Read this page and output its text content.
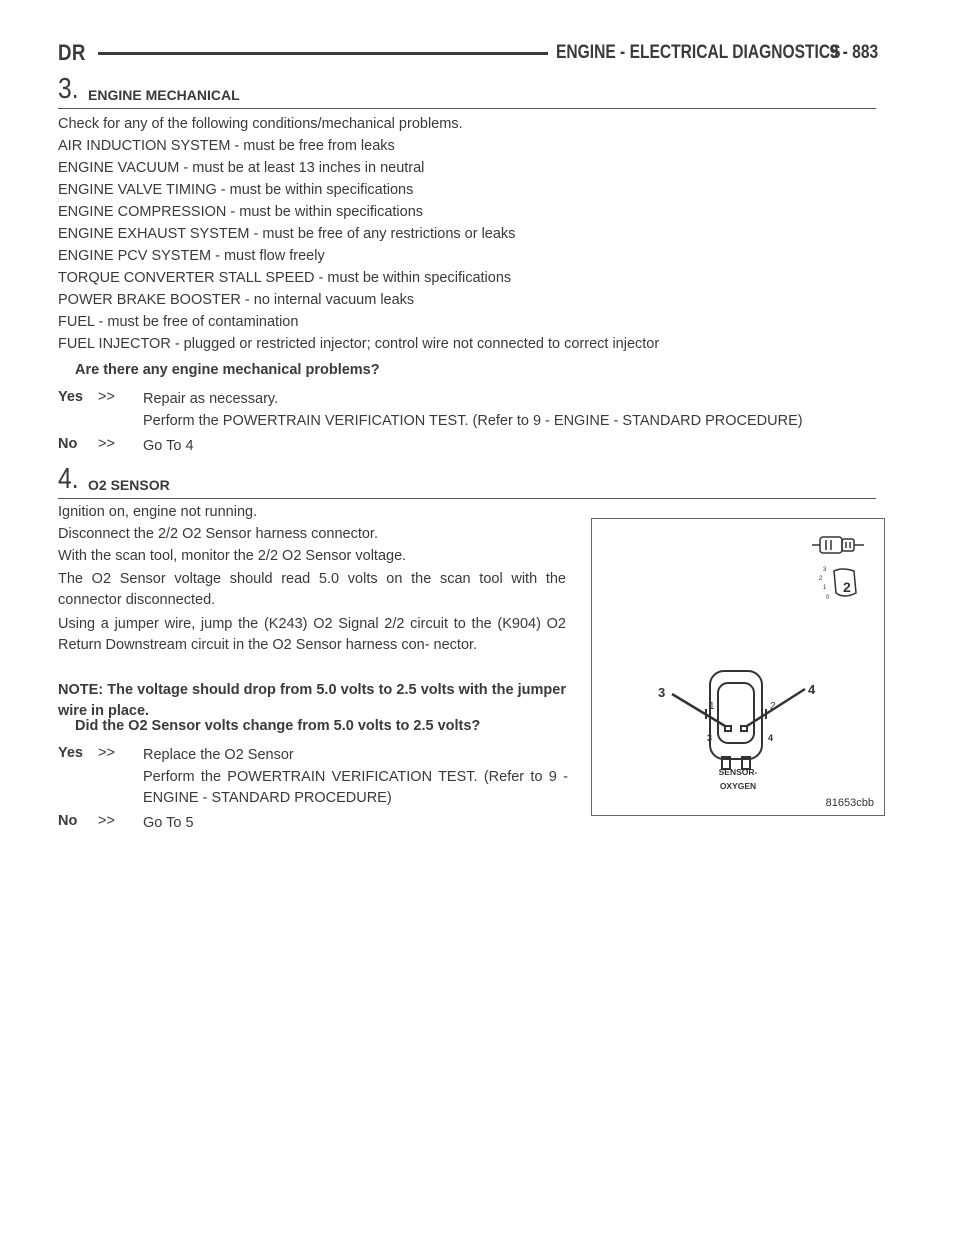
DR	ENGINE - ELECTRICAL DIAGNOSTICS
9 - 883
3. ENGINE MECHANICAL
Check for any of the following conditions/mechanical problems.
AIR INDUCTION SYSTEM - must be free from leaks
ENGINE VACUUM - must be at least 13 inches in neutral
ENGINE VALVE TIMING - must be within specifications
ENGINE COMPRESSION - must be within specifications
ENGINE EXHAUST SYSTEM - must be free of any restrictions or leaks
ENGINE PCV SYSTEM - must flow freely
TORQUE CONVERTER STALL SPEED - must be within specifications
POWER BRAKE BOOSTER - no internal vacuum leaks
FUEL - must be free of contamination
FUEL INJECTOR - plugged or restricted injector; control wire not connected to correct injector
Are there any engine mechanical problems?
Yes >> Repair as necessary.
Perform the POWERTRAIN VERIFICATION TEST. (Refer to 9 - ENGINE - STANDARD PROCEDURE)
No >> Go To 4
4. O2 SENSOR
Ignition on, engine not running.
Disconnect the 2/2 O2 Sensor harness connector.
With the scan tool, monitor the 2/2 O2 Sensor voltage.
The O2 Sensor voltage should read 5.0 volts on the scan tool with the connector disconnected.
Using a jumper wire, jump the (K243) O2 Signal 2/2 circuit to the (K904) O2 Return Downstream circuit in the O2 Sensor harness con- nector.
NOTE: The voltage should drop from 5.0 volts to 2.5 volts with the jumper wire in place.
Did the O2 Sensor volts change from 5.0 volts to 2.5 volts?
Yes >> Replace the O2 Sensor
Perform the POWERTRAIN VERIFICATION TEST. (Refer to 9 - ENGINE - STANDARD PROCEDURE)
No >> Go To 5
3
2
1
0
2
1	2
3	4
3	4
SENSOR-
OXYGEN
81653cbb
